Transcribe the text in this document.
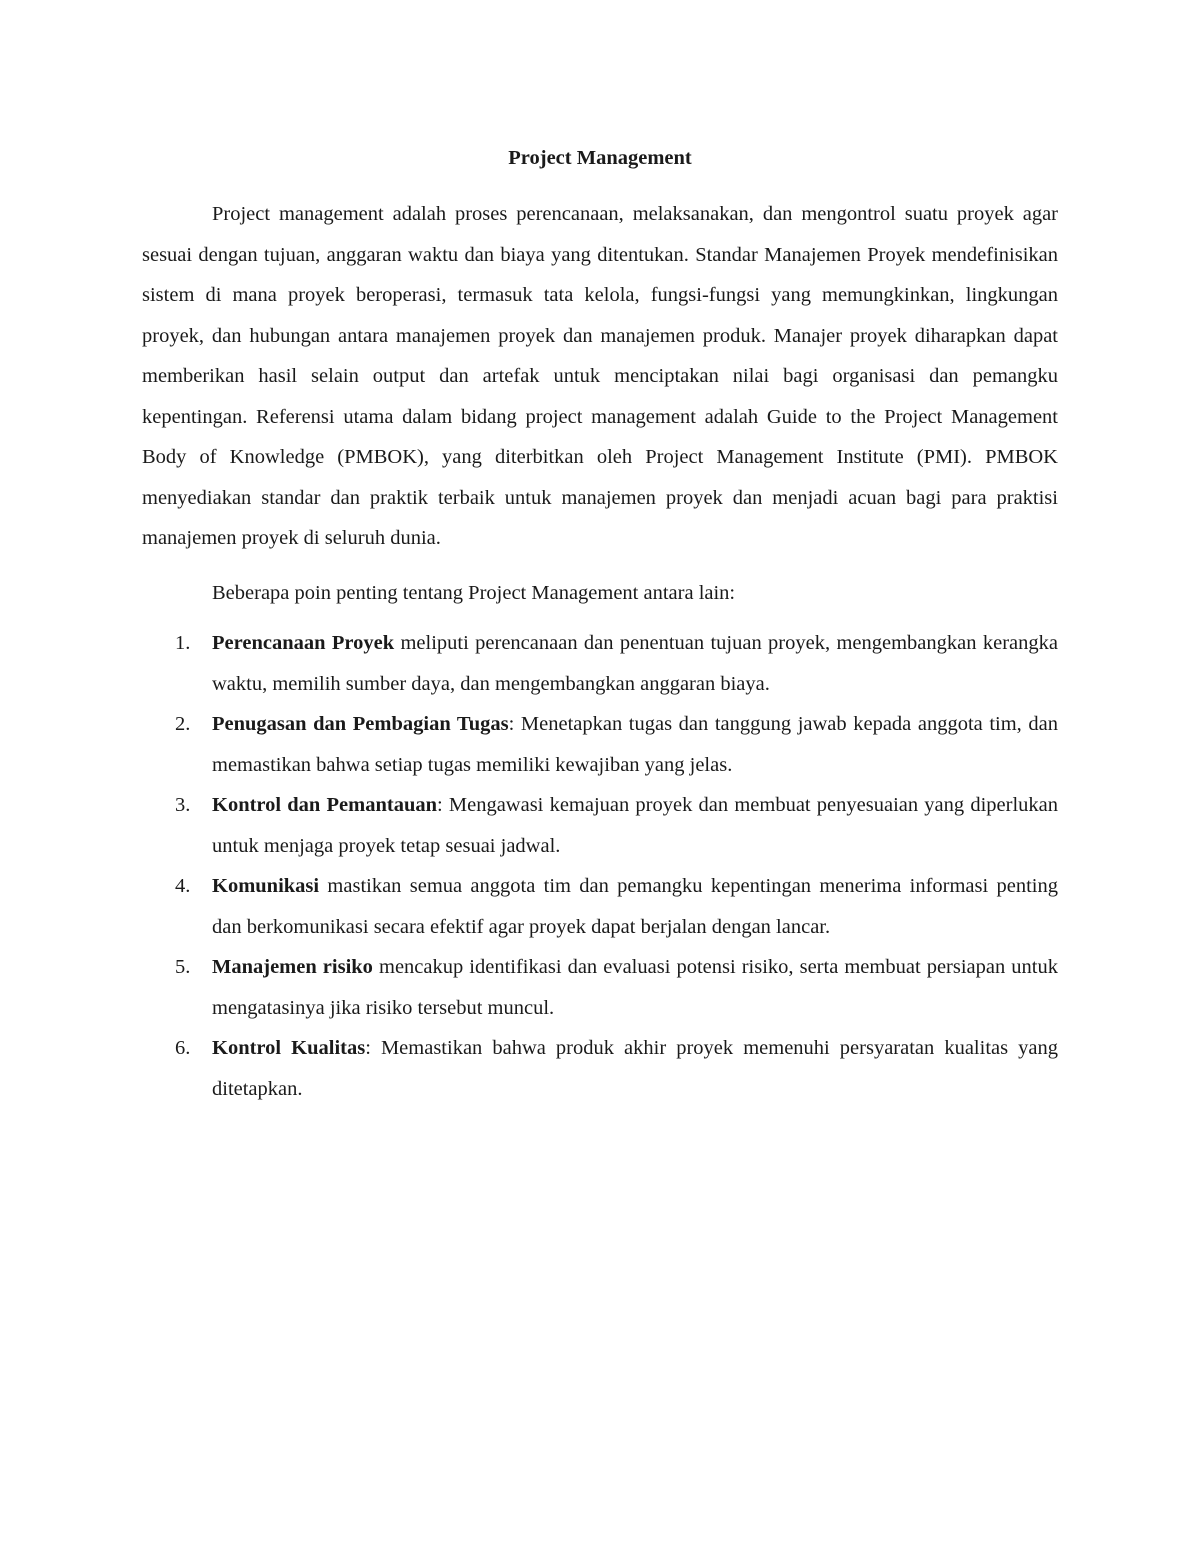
Project Management

Project management adalah proses perencanaan, melaksanakan, dan mengontrol suatu proyek agar sesuai dengan tujuan, anggaran waktu dan biaya yang ditentukan. Standar Manajemen Proyek mendefinisikan sistem di mana proyek beroperasi, termasuk tata kelola, fungsi-fungsi yang memungkinkan, lingkungan proyek, dan hubungan antara manajemen proyek dan manajemen produk. Manajer proyek diharapkan dapat memberikan hasil selain output dan artefak untuk menciptakan nilai bagi organisasi dan pemangku kepentingan. Referensi utama dalam bidang project management adalah Guide to the Project Management Body of Knowledge (PMBOK), yang diterbitkan oleh Project Management Institute (PMI). PMBOK menyediakan standar dan praktik terbaik untuk manajemen proyek dan menjadi acuan bagi para praktisi manajemen proyek di seluruh dunia.

Beberapa poin penting tentang Project Management antara lain:

1. Perencanaan Proyek meliputi perencanaan dan penentuan tujuan proyek, mengembangkan kerangka waktu, memilih sumber daya, dan mengembangkan anggaran biaya.
2. Penugasan dan Pembagian Tugas: Menetapkan tugas dan tanggung jawab kepada anggota tim, dan memastikan bahwa setiap tugas memiliki kewajiban yang jelas.
3. Kontrol dan Pemantauan: Mengawasi kemajuan proyek dan membuat penyesuaian yang diperlukan untuk menjaga proyek tetap sesuai jadwal.
4. Komunikasi mastikan semua anggota tim dan pemangku kepentingan menerima informasi penting dan berkomunikasi secara efektif agar proyek dapat berjalan dengan lancar.
5. Manajemen risiko mencakup identifikasi dan evaluasi potensi risiko, serta membuat persiapan untuk mengatasinya jika risiko tersebut muncul.
6. Kontrol Kualitas: Memastikan bahwa produk akhir proyek memenuhi persyaratan kualitas yang ditetapkan.
